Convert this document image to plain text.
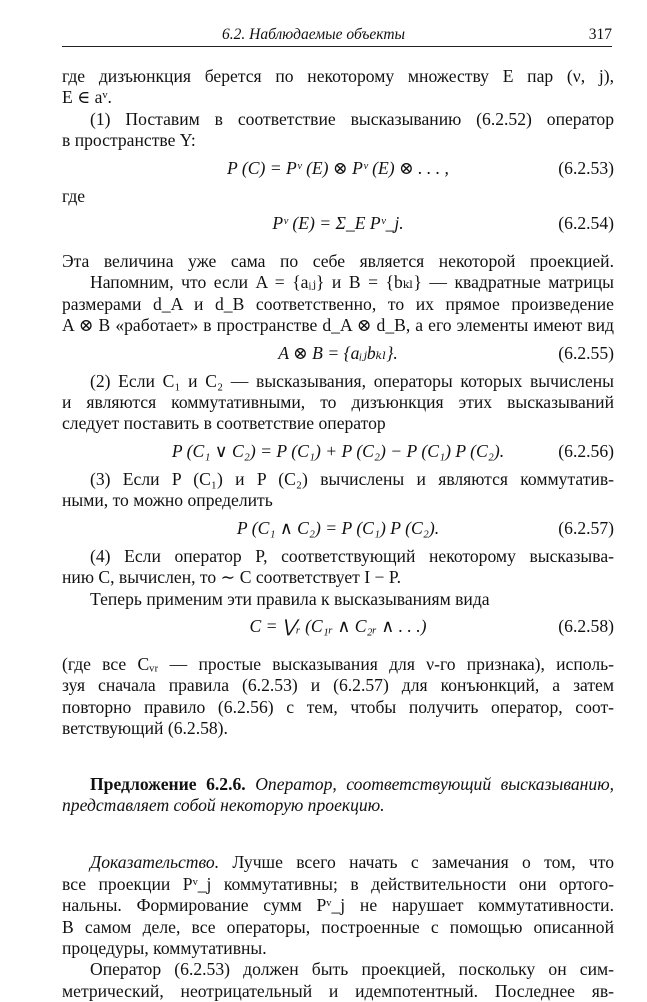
6.2. Наблюдаемые объекты	317

где дизъюнкция берется по некоторому множеству E пар (ν, j),

E ∈ aᵛ.

(1) Поставим в соответствие высказыванию (6.2.52) оператор

в пространстве Y:

P (C) = Pᵛ (E) ⊗ Pᵛ (E) ⊗ . . . ,	(6.2.53)

где

Pᵛ (E) = Σ_E Pᵛ_j.	(6.2.54)

Эта величина уже сама по себе является некоторой проекцией.

Напомним, что если A = {aᵢⱼ} и B = {bₖₗ} — квадратные матрицы

размерами d_A и d_B соответственно, то их прямое произведение

A ⊗ B «работает» в пространстве d_A ⊗ d_B, а его элементы имеют вид

A ⊗ B = {aᵢⱼbₖₗ}.	(6.2.55)

(2) Если C₁ и C₂ — высказывания, операторы которых вычислены

и являются коммутативными, то дизъюнкция этих высказываний

следует поставить в соответствие оператор

P (C₁ ∨ C₂) = P (C₁) + P (C₂) − P (C₁) P (C₂).	(6.2.56)

(3) Если P (C₁) и P (C₂) вычислены и являются коммутатив-

ными, то можно определить

P (C₁ ∧ C₂) = P (C₁) P (C₂).	(6.2.57)

(4) Если оператор P, соответствующий некоторому высказыва-

нию C, вычислен, то ∼ C соответствует I − P.

Теперь применим эти правила к высказываниям вида

C = ⋁ᵣ (C₁ᵣ ∧ C₂ᵣ ∧ . . .)	(6.2.58)

(где все Cᵥᵣ — простые высказывания для ν-го признака), исполь-

зуя сначала правила (6.2.53) и (6.2.57) для конъюнкций, а затем

повторно правило (6.2.56) с тем, чтобы получить оператор, соот-

ветствующий (6.2.58).

Предложение 6.2.6. Оператор, соответствующий высказыванию,

представляет собой некоторую проекцию.

Доказательство. Лучше всего начать с замечания о том, что

все проекции Pᵛ_j коммутативны; в действительности они ортого-

нальны. Формирование сумм Pᵛ_j не нарушает коммутативности.

В самом деле, все операторы, построенные с помощью описанной

процедуры, коммутативны.

Оператор (6.2.53) должен быть проекцией, поскольку он сим-

метрический, неотрицательный и идемпотентный. Последнее яв-
